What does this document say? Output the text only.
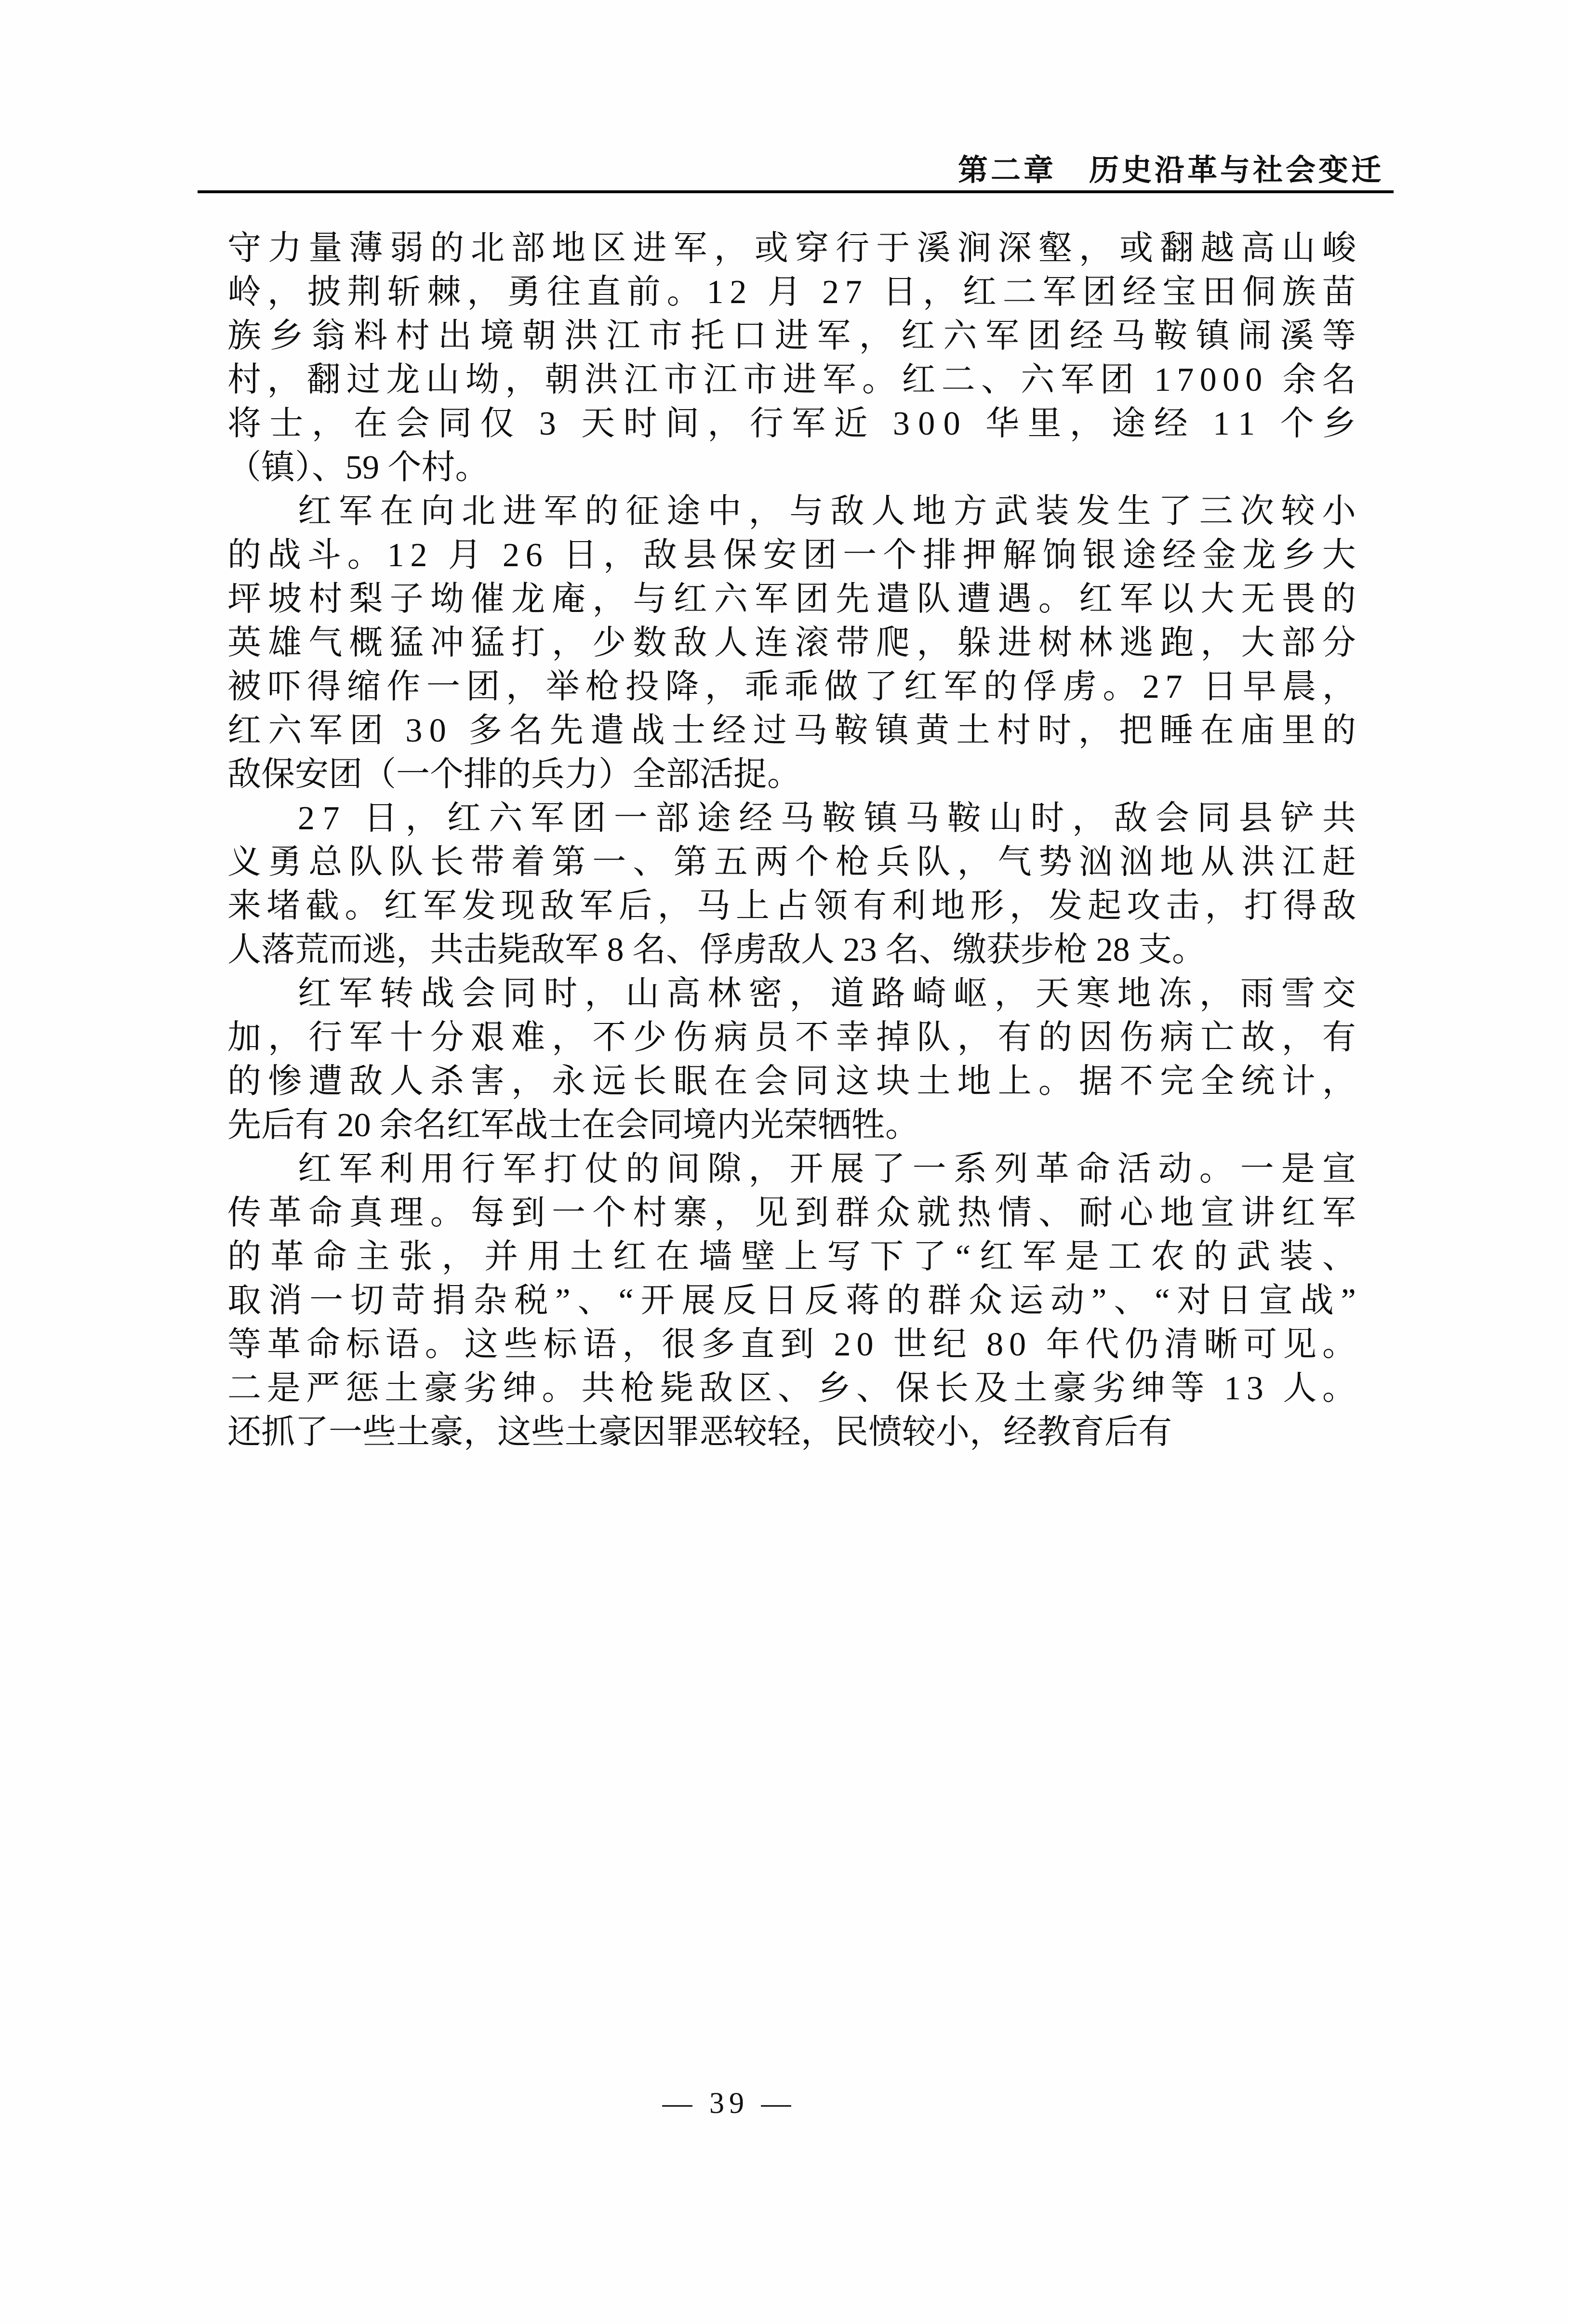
第二章　历史沿革与社会变迁
守 力 量 薄 弱 的 北 部 地 区 进 军 ， 或 穿 行 于 溪 涧 深 壑 ， 或 翻 越 高 山 峻
岭 ， 披 荆 斩 棘 ， 勇 往 直 前 。 1 2
月
2 7
日 ， 红 二 军 团 经 宝 田 侗 族 苗
族 乡 翁 料 村 出 境 朝 洪 江 市 托 口 进 军 ， 红 六 军 团 经 马 鞍 镇 闹 溪 等
村 ， 翻 过 龙 山 坳 ， 朝 洪 江 市 江 市 进 军 。 红 二 、 六 军 团
1 7 0 0 0
余 名
将 士 ， 在 会 同 仅
3
天 时 间 ， 行 军 近
3 0 0
华 里 ， 途 经
1 1
个 乡
（镇）、59 个村。
红 军 在 向 北 进 军 的 征 途 中 ， 与 敌 人 地 方 武 装 发 生 了 三 次 较 小
的 战 斗 。 1 2
月
2 6
日 ， 敌 县 保 安 团 一 个 排 押 解 饷 银 途 经 金 龙 乡 大
坪 坡 村 梨 子 坳 催 龙 庵 ， 与 红 六 军 团 先 遣 队 遭 遇 。 红 军 以 大 无 畏 的
英 雄 气 概 猛 冲 猛 打 ， 少 数 敌 人 连 滚 带 爬 ， 躲 进 树 林 逃 跑 ， 大 部 分
被 吓 得 缩 作 一 团 ， 举 枪 投 降 ， 乖 乖 做 了 红 军 的 俘 虏 。 2 7
日 早 晨 ，
红 六 军 团
3 0
多 名 先 遣 战 士 经 过 马 鞍 镇 黄 土 村 时 ， 把 睡 在 庙 里 的
敌保安团（一个排的兵力）全部活捉。
2 7
日 ， 红 六 军 团 一 部 途 经 马 鞍 镇 马 鞍 山 时 ， 敌 会 同 县 铲 共
义 勇 总 队 队 长 带 着 第 一 、 第 五 两 个 枪 兵 队 ， 气 势 汹 汹 地 从 洪 江 赶
来 堵 截 。 红 军 发 现 敌 军 后 ， 马 上 占 领 有 利 地 形 ， 发 起 攻 击 ， 打 得 敌
人落荒而逃，共击毙敌军 8 名、俘虏敌人 23 名、缴获步枪 28 支。
红 军 转 战 会 同 时 ， 山 高 林 密 ， 道 路 崎 岖 ， 天 寒 地 冻 ， 雨 雪 交
加 ， 行 军 十 分 艰 难 ， 不 少 伤 病 员 不 幸 掉 队 ， 有 的 因 伤 病 亡 故 ， 有
的 惨 遭 敌 人 杀 害 ， 永 远 长 眠 在 会 同 这 块 土 地 上 。 据 不 完 全 统 计 ，
先后有 20 余名红军战士在会同境内光荣牺牲。
红 军 利 用 行 军 打 仗 的 间 隙 ， 开 展 了 一 系 列 革 命 活 动 。 一 是 宣
传 革 命 真 理 。 每 到 一 个 村 寨 ， 见 到 群 众 就 热 情 、 耐 心 地 宣 讲 红 军
的 革 命 主 张 ， 并 用 土 红 在 墙 壁 上 写 下 了 “ 红 军 是 工 农 的 武 装 、
取 消 一 切 苛 捐 杂 税 ” 、 “ 开 展 反 日 反 蒋 的 群 众 运 动 ” 、 “ 对 日 宣 战 ”
等 革 命 标 语 。 这 些 标 语 ， 很 多 直 到
2 0
世 纪
8 0
年 代 仍 清 晰 可 见 。
二 是 严 惩 土 豪 劣 绅 。 共 枪 毙 敌 区 、 乡 、 保 长 及 土 豪 劣 绅 等
1 3
人 。
还抓了一些土豪，这些土豪因罪恶较轻，民愤较小，经教育后有
— 39 —
